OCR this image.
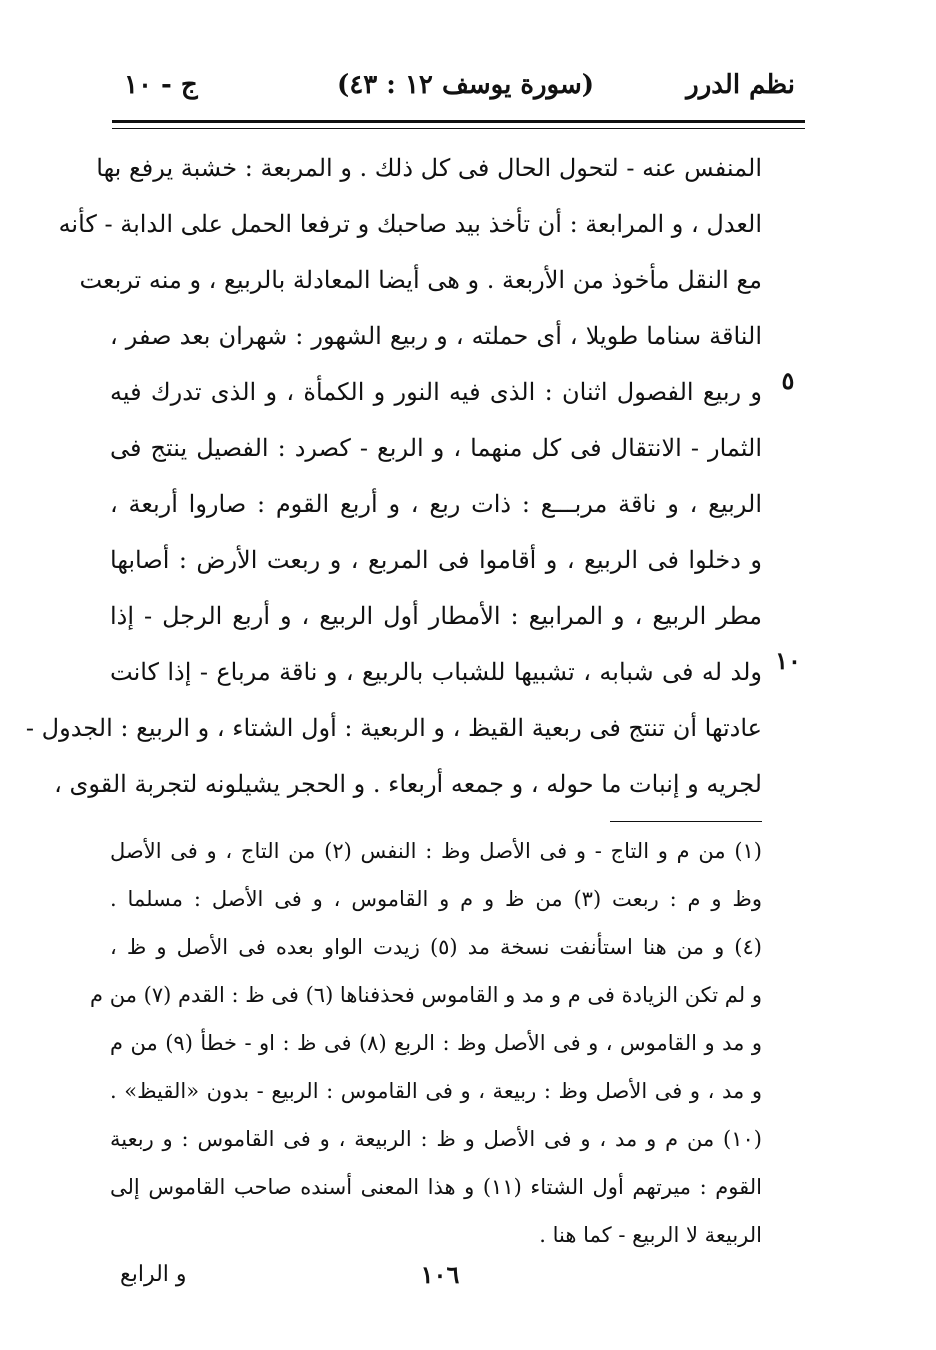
نظم الدرر
(سورة يوسف ١٢ : ٤٣)
ج - ١٠
المنفس عنه - لتحول الحال فى كل ذلك . و المربعة : خشبة يرفع بها
العدل ، و المرابعة : أن تأخذ بيد صاحبك و ترفعا الحمل على الدابة - كأنه
مع النقل مأخوذ من الأربعة . و هى أيضا المعادلة بالربيع ، و منه تربعت
الناقة سناما طويلا ، أى حملته ، و ربيع الشهور : شهران بعد صفر ،
و ربيع الفصول اثنان : الذى فيه النور و الكمأة ، و الذى تدرك فيه
الثمار - الانتقال فى كل منهما ، و الربع - كصرد : الفصيل ينتج فى
الربيع ، و ناقة مربـــع : ذات ربع ، و أربع القوم : صاروا أربعة ،
و دخلوا فى الربيع ، و أقاموا فى المربع ، و ربعت الأرض : أصابها
مطر الربيع ، و المرابيع : الأمطار أول الربيع ، و أربع الرجل - إذا
ولد له فى شبابه ، تشبيها للشباب بالربيع ، و ناقة مرباع - إذا كانت
عادتها أن تنتج فى ربعية القيظ ، و الربعية : أول الشتاء ، و الربيع : الجدول -
لجريه و إنبات ما حوله ، و جمعه أربعاء . و الحجر يشيلونه لتجربة القوى ،
٥
١٠
(١) من م و التاج - و فى الأصل وظ : النفس (٢) من التاج ، و فى الأصل
وظ و م : ربعت (٣) من ظ و م و القاموس ، و فى الأصل : مسلما .
(٤) و من هنا استأنفت نسخة مد (٥) زيدت الواو بعده فى الأصل و ظ ،
و لم تكن الزيادة فى م و مد و القاموس فحذفناها (٦) فى ظ : القدم (٧) من م
و مد و القاموس ، و فى الأصل وظ : الربع (٨) فى ظ : او - خطأ (٩) من م
و مد ، و فى الأصل وظ : ربيعة ، و فى القاموس : الربيع - بدون «القيظ» .
(١٠) من م و مد ، و فى الأصل و ظ : الربيعة ، و فى القاموس : و ربعية
القوم : ميرتهم أول الشتاء (١١) و هذا المعنى أسنده صاحب القاموس إلى
الربيعة لا الربيع - كما هنا .
١٠٦
و الرابع
